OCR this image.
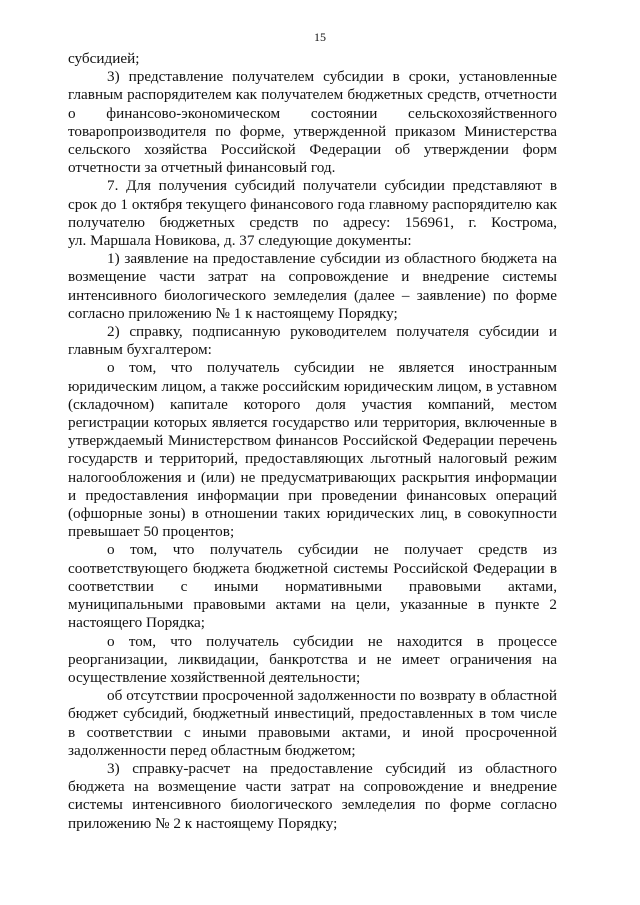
15
субсидией;
3) представление получателем субсидии в сроки, установленные
главным распорядителем как получателем бюджетных средств, отчетности
о финансово-экономическом состоянии сельскохозяйственного
товаропроизводителя по форме, утвержденной приказом Министерства
сельского хозяйства Российской Федерации об утверждении форм
отчетности за отчетный финансовый год.
7. Для получения субсидий получатели субсидии представляют в
срок до 1 октября текущего финансового года главному распорядителю как
получателю бюджетных средств по адресу: 156961, г. Кострома,
ул. Маршала Новикова, д. 37 следующие документы:
1) заявление на предоставление субсидии из областного бюджета на
возмещение части затрат на сопровождение и внедрение системы
интенсивного биологического земледелия (далее – заявление) по форме
согласно приложению № 1 к настоящему Порядку;
2) справку, подписанную руководителем получателя субсидии и
главным бухгалтером:
о том, что получатель субсидии не является иностранным
юридическим лицом, а также российским юридическим лицом, в уставном
(складочном) капитале которого доля участия компаний, местом
регистрации которых является государство или территория, включенные в
утверждаемый Министерством финансов Российской Федерации перечень
государств и территорий, предоставляющих льготный налоговый режим
налогообложения и (или) не предусматривающих раскрытия информации
и предоставления информации при проведении финансовых операций
(офшорные зоны) в отношении таких юридических лиц, в совокупности
превышает 50 процентов;
о том, что получатель субсидии не получает средств из
соответствующего бюджета бюджетной системы Российской Федерации в
соответствии с иными нормативными правовыми актами,
муниципальными правовыми актами на цели, указанные в пункте 2
настоящего Порядка;
о том, что получатель субсидии не находится в процессе
реорганизации, ликвидации, банкротства и не имеет ограничения на
осуществление хозяйственной деятельности;
об отсутствии просроченной задолженности по возврату в областной
бюджет субсидий, бюджетный инвестиций, предоставленных в том числе
в соответствии с иными правовыми актами, и иной просроченной
задолженности перед областным бюджетом;
3) справку-расчет на предоставление субсидий из областного
бюджета на возмещение части затрат на сопровождение и внедрение
системы интенсивного биологического земледелия по форме согласно
приложению № 2 к настоящему Порядку;
